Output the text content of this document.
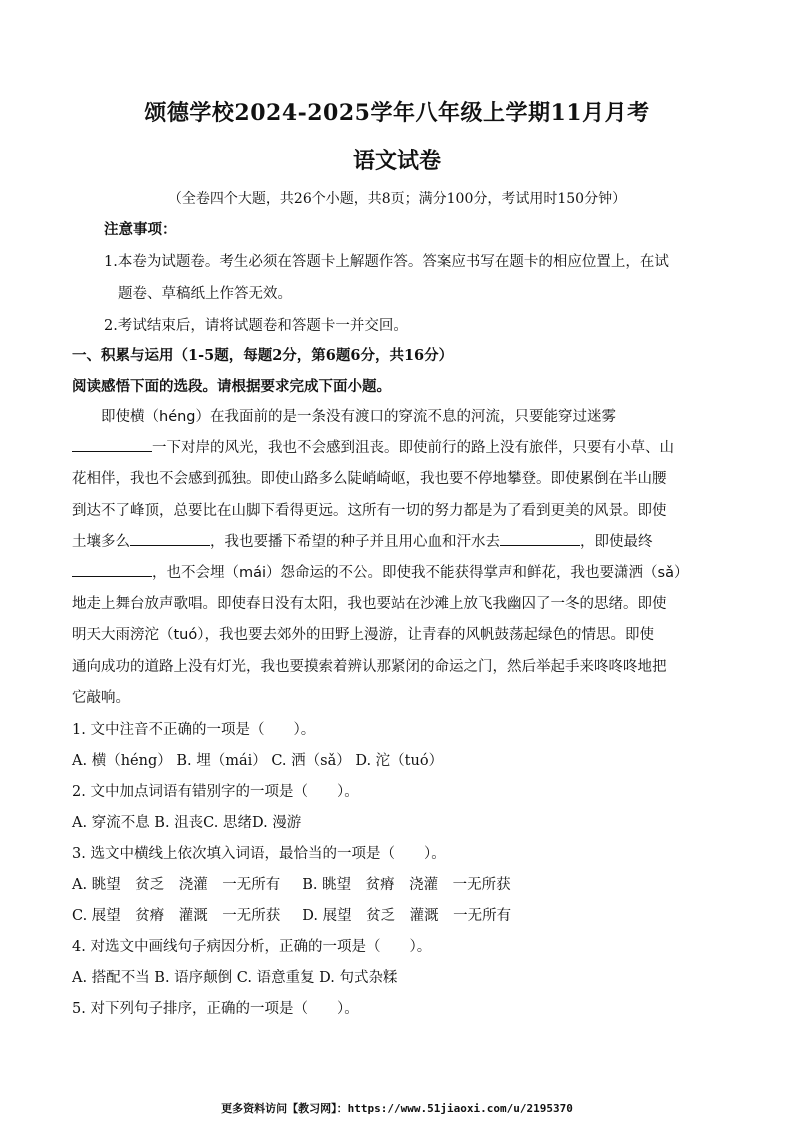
颂德学校2024-2025学年八年级上学期11月月考
语文试卷
（全卷四个大题，共26个小题，共8页；满分100分，考试用时150分钟）
注意事项：
1.本卷为试题卷。考生必须在答题卡上解题作答。答案应书写在题卡的相应位置上，在试
题卷、草稿纸上作答无效。
2.考试结束后，请将试题卷和答题卡一并交回。
一、积累与运用（1-5题，每题2分，第6题6分，共16分）
阅读感悟下面的选段。请根据要求完成下面小题。
即使横（héng）在我面前的是一条没有渡口的穿流不息的河流，只要能穿过迷雾
一下对岸的风光，我也不会感到沮丧。即使前行的路上没有旅伴，只要有小草、山
花相伴，我也不会感到孤独。即使山路多么陡峭崎岖，我也要不停地攀登。即使累倒在半山腰
到达不了峰顶，总要比在山脚下看得更远。这所有一切的努力都是为了看到更美的风景。即使
土壤多么	，我也要播下希望的种子并且用心血和汗水去	，即使最终
，也不会埋（mái）怨命运的不公。即使我不能获得掌声和鲜花，我也要潇洒（sǎ）
地走上舞台放声歌唱。即使春日没有太阳，我也要站在沙滩上放飞我幽囚了一冬的思绪。即使
明天大雨滂沱（tuó），我也要去郊外的田野上漫游，让青春的风帆鼓荡起绿色的情思。即使
通向成功的道路上没有灯光，我也要摸索着辨认那紧闭的命运之门，然后举起手来咚咚咚地把
它敲响。
1. 文中注音不正确的一项是（　　）。
A. 横（héng） B. 埋（mái） C. 洒（sǎ） D. 沱（tuó）
2. 文中加点词语有错别字的一项是（　　）。
A. 穿流不息 B. 沮丧C. 思绪D. 漫游
3. 选文中横线上依次填入词语，最恰当的一项是（　　）。
A. 眺望　贫乏　浇灌　一无所有 B. 眺望　贫瘠　浇灌　一无所获
C. 展望　贫瘠　灌溉　一无所获 D. 展望　贫乏　灌溉　一无所有
4. 对选文中画线句子病因分析，正确的一项是（　　）。
A. 搭配不当 B. 语序颠倒 C. 语意重复 D. 句式杂糅
5. 对下列句子排序，正确的一项是（　　）。
更多资料访问【教习网】：https://www.51jiaoxi.com/u/2195370
